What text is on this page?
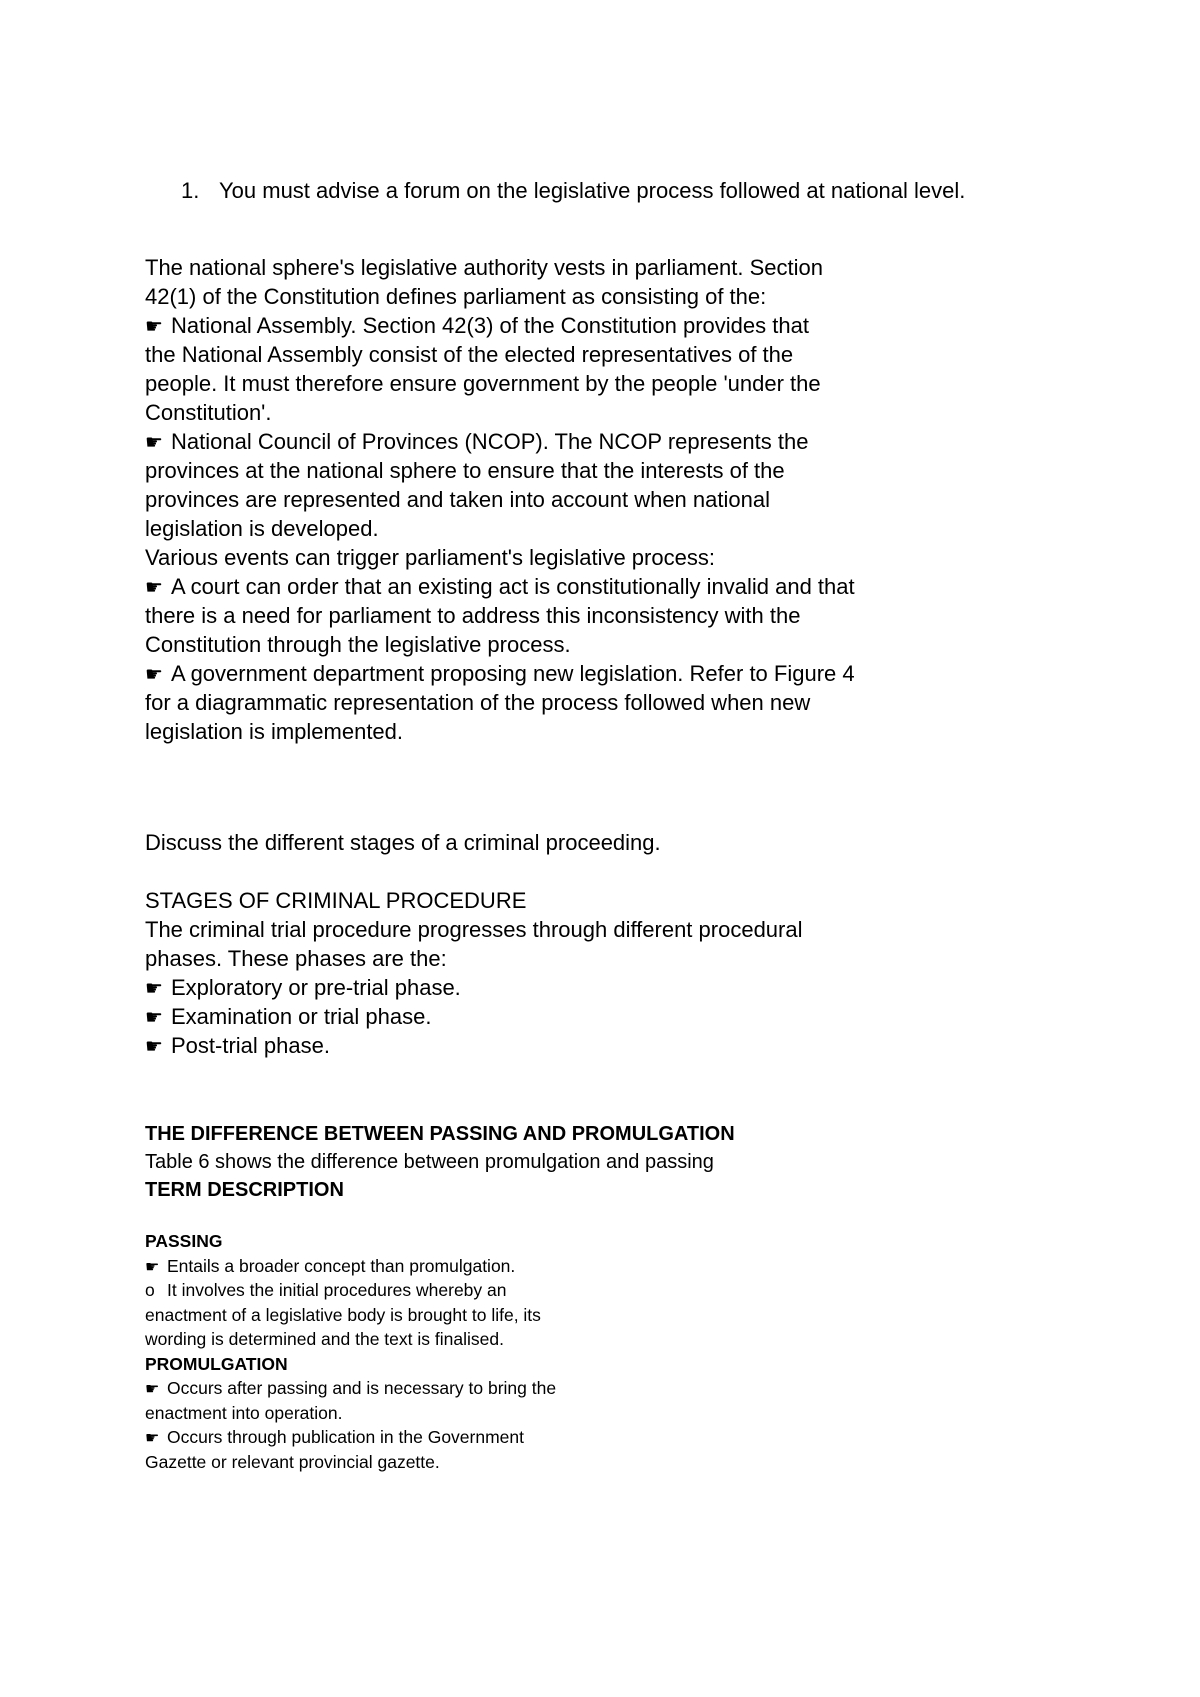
1. You must advise a forum on the legislative process followed at national level.
The national sphere's legislative authority vests in parliament. Section
42(1) of the Constitution defines parliament as consisting of the:
☛ National Assembly. Section 42(3) of the Constitution provides that
the National Assembly consist of the elected representatives of the
people. It must therefore ensure government by the people 'under the
Constitution'.
☛ National Council of Provinces (NCOP). The NCOP represents the
provinces at the national sphere to ensure that the interests of the
provinces are represented and taken into account when national
legislation is developed.
Various events can trigger parliament's legislative process:
☛ A court can order that an existing act is constitutionally invalid and that
there is a need for parliament to address this inconsistency with the
Constitution through the legislative process.
☛ A government department proposing new legislation. Refer to Figure 4
for a diagrammatic representation of the process followed when new
legislation is implemented.
Discuss the different stages of a criminal proceeding.
STAGES OF CRIMINAL PROCEDURE
The criminal trial procedure progresses through different procedural
phases. These phases are the:
☛ Exploratory or pre-trial phase.
☛ Examination or trial phase.
☛ Post-trial phase.
THE DIFFERENCE BETWEEN PASSING AND PROMULGATION
Table 6 shows the difference between promulgation and passing
TERM DESCRIPTION
PASSING
☛ Entails a broader concept than promulgation.
o It involves the initial procedures whereby an
enactment of a legislative body is brought to life, its
wording is determined and the text is finalised.
PROMULGATION
☛ Occurs after passing and is necessary to bring the
enactment into operation.
☛ Occurs through publication in the Government
Gazette or relevant provincial gazette.
